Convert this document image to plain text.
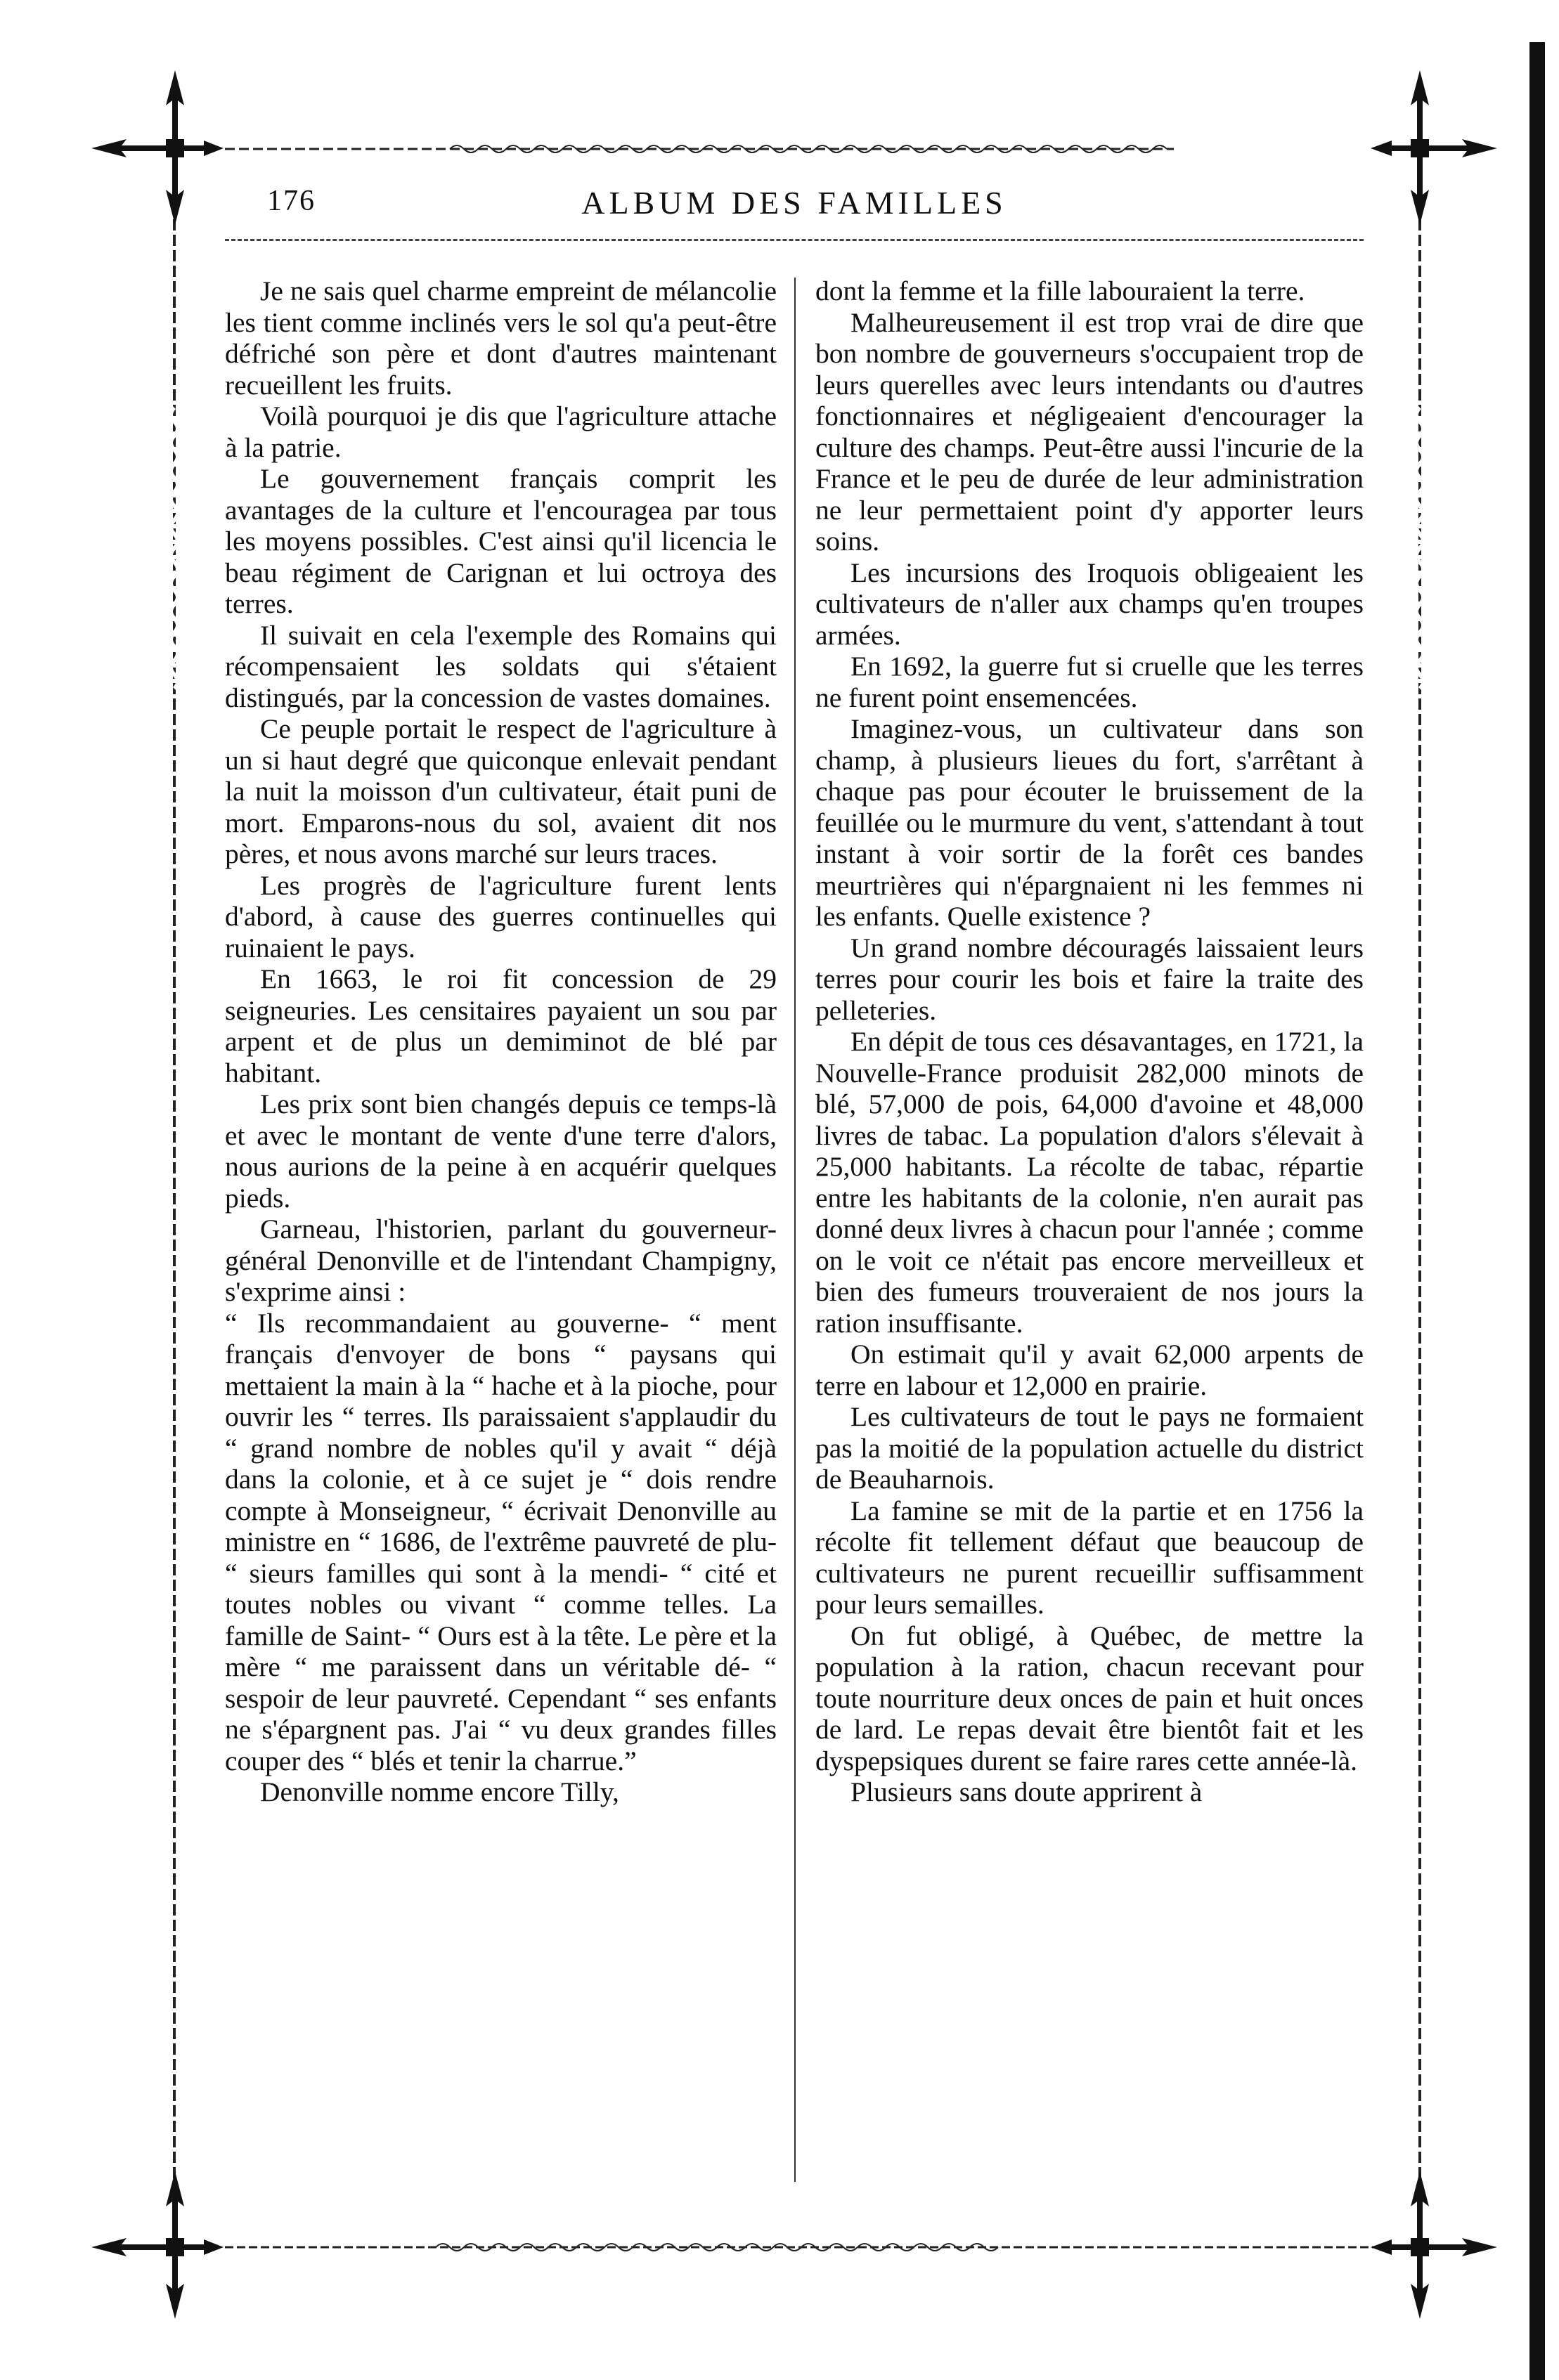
176	ALBUM DES FAMILLES

Je ne sais quel charme empreint de mélancolie les tient comme inclinés vers le sol qu'a peut-être défriché son père et dont d'autres maintenant recueillent les fruits.

Voilà pourquoi je dis que l'agriculture attache à la patrie.

Le gouvernement français comprit les avantages de la culture et l'encouragea par tous les moyens possibles. C'est ainsi qu'il licencia le beau régiment de Carignan et lui octroya des terres.

Il suivait en cela l'exemple des Romains qui récompensaient les soldats qui s'étaient distingués, par la concession de vastes domaines.

Ce peuple portait le respect de l'agriculture à un si haut degré que quiconque enlevait pendant la nuit la moisson d'un cultivateur, était puni de mort. Emparons-nous du sol, avaient dit nos pères, et nous avons marché sur leurs traces.

Les progrès de l'agriculture furent lents d'abord, à cause des guerres continuelles qui ruinaient le pays.

En 1663, le roi fit concession de 29 seigneuries. Les censitaires payaient un sou par arpent et de plus un demiminot de blé par habitant.

Les prix sont bien changés depuis ce temps-là et avec le montant de vente d'une terre d'alors, nous aurions de la peine à en acquérir quelques pieds.

Garneau, l'historien, parlant du gouverneur-général Denonville et de l'intendant Champigny, s'exprime ainsi :

“ Ils recommandaient au gouverne- “ ment français d'envoyer de bons “ paysans qui mettaient la main à la “ hache et à la pioche, pour ouvrir les “ terres. Ils paraissaient s'applaudir du “ grand nombre de nobles qu'il y avait “ déjà dans la colonie, et à ce sujet je “ dois rendre compte à Monseigneur, “ écrivait Denonville au ministre en “ 1686, de l'extrême pauvreté de plu- “ sieurs familles qui sont à la mendi- “ cité et toutes nobles ou vivant “ comme telles. La famille de Saint- “ Ours est à la tête. Le père et la mère “ me paraissent dans un véritable dé- “ sespoir de leur pauvreté. Cependant “ ses enfants ne s'épargnent pas. J'ai “ vu deux grandes filles couper des “ blés et tenir la charrue.”

Denonville nomme encore Tilly,

dont la femme et la fille labouraient la terre.

Malheureusement il est trop vrai de dire que bon nombre de gouverneurs s'occupaient trop de leurs querelles avec leurs intendants ou d'autres fonctionnaires et négligeaient d'encourager la culture des champs. Peut-être aussi l'incurie de la France et le peu de durée de leur administration ne leur permettaient point d'y apporter leurs soins.

Les incursions des Iroquois obligeaient les cultivateurs de n'aller aux champs qu'en troupes armées.

En 1692, la guerre fut si cruelle que les terres ne furent point ensemencées.

Imaginez-vous, un cultivateur dans son champ, à plusieurs lieues du fort, s'arrêtant à chaque pas pour écouter le bruissement de la feuillée ou le murmure du vent, s'attendant à tout instant à voir sortir de la forêt ces bandes meurtrières qui n'épargnaient ni les femmes ni les enfants. Quelle existence ?

Un grand nombre découragés laissaient leurs terres pour courir les bois et faire la traite des pelleteries.

En dépit de tous ces désavantages, en 1721, la Nouvelle-France produisit 282,000 minots de blé, 57,000 de pois, 64,000 d'avoine et 48,000 livres de tabac. La population d'alors s'élevait à 25,000 habitants. La récolte de tabac, répartie entre les habitants de la colonie, n'en aurait pas donné deux livres à chacun pour l'année ; comme on le voit ce n'était pas encore merveilleux et bien des fumeurs trouveraient de nos jours la ration insuffisante.

On estimait qu'il y avait 62,000 arpents de terre en labour et 12,000 en prairie.

Les cultivateurs de tout le pays ne formaient pas la moitié de la population actuelle du district de Beauharnois.

La famine se mit de la partie et en 1756 la récolte fit tellement défaut que beaucoup de cultivateurs ne purent recueillir suffisamment pour leurs semailles.

On fut obligé, à Québec, de mettre la population à la ration, chacun recevant pour toute nourriture deux onces de pain et huit onces de lard. Le repas devait être bientôt fait et les dyspepsiques durent se faire rares cette année-là.

Plusieurs sans doute apprirent à
